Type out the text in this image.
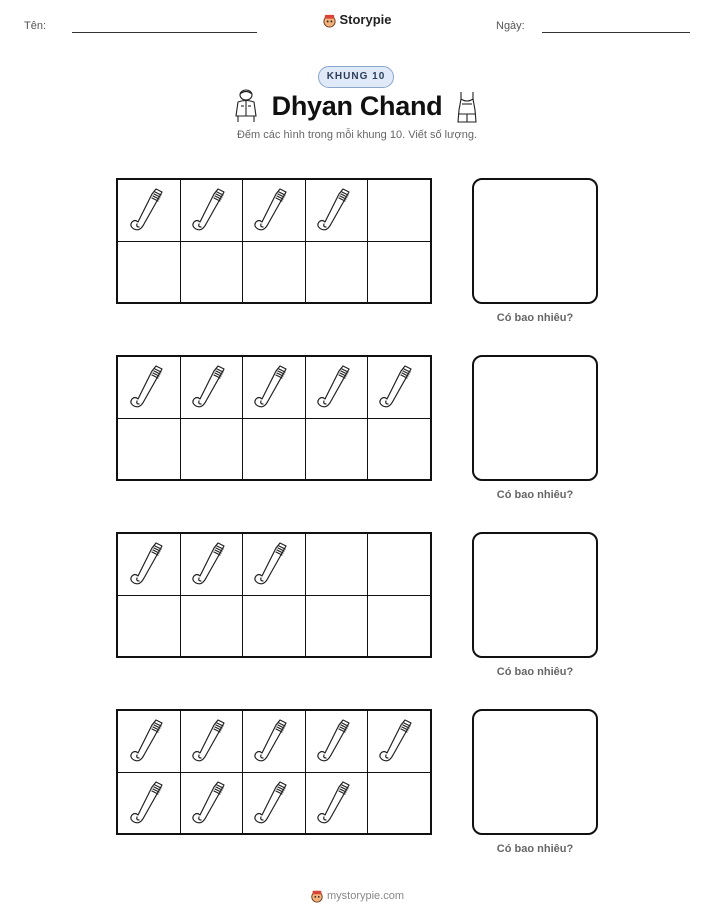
Tên:	Storypie	Ngày:
KHUNG 10
Dhyan Chand
Đếm các hình trong mỗi khung 10. Viết số lượng.
Có bao nhiêu?
Có bao nhiêu?
Có bao nhiêu?
Có bao nhiêu?
mystorypie.com
